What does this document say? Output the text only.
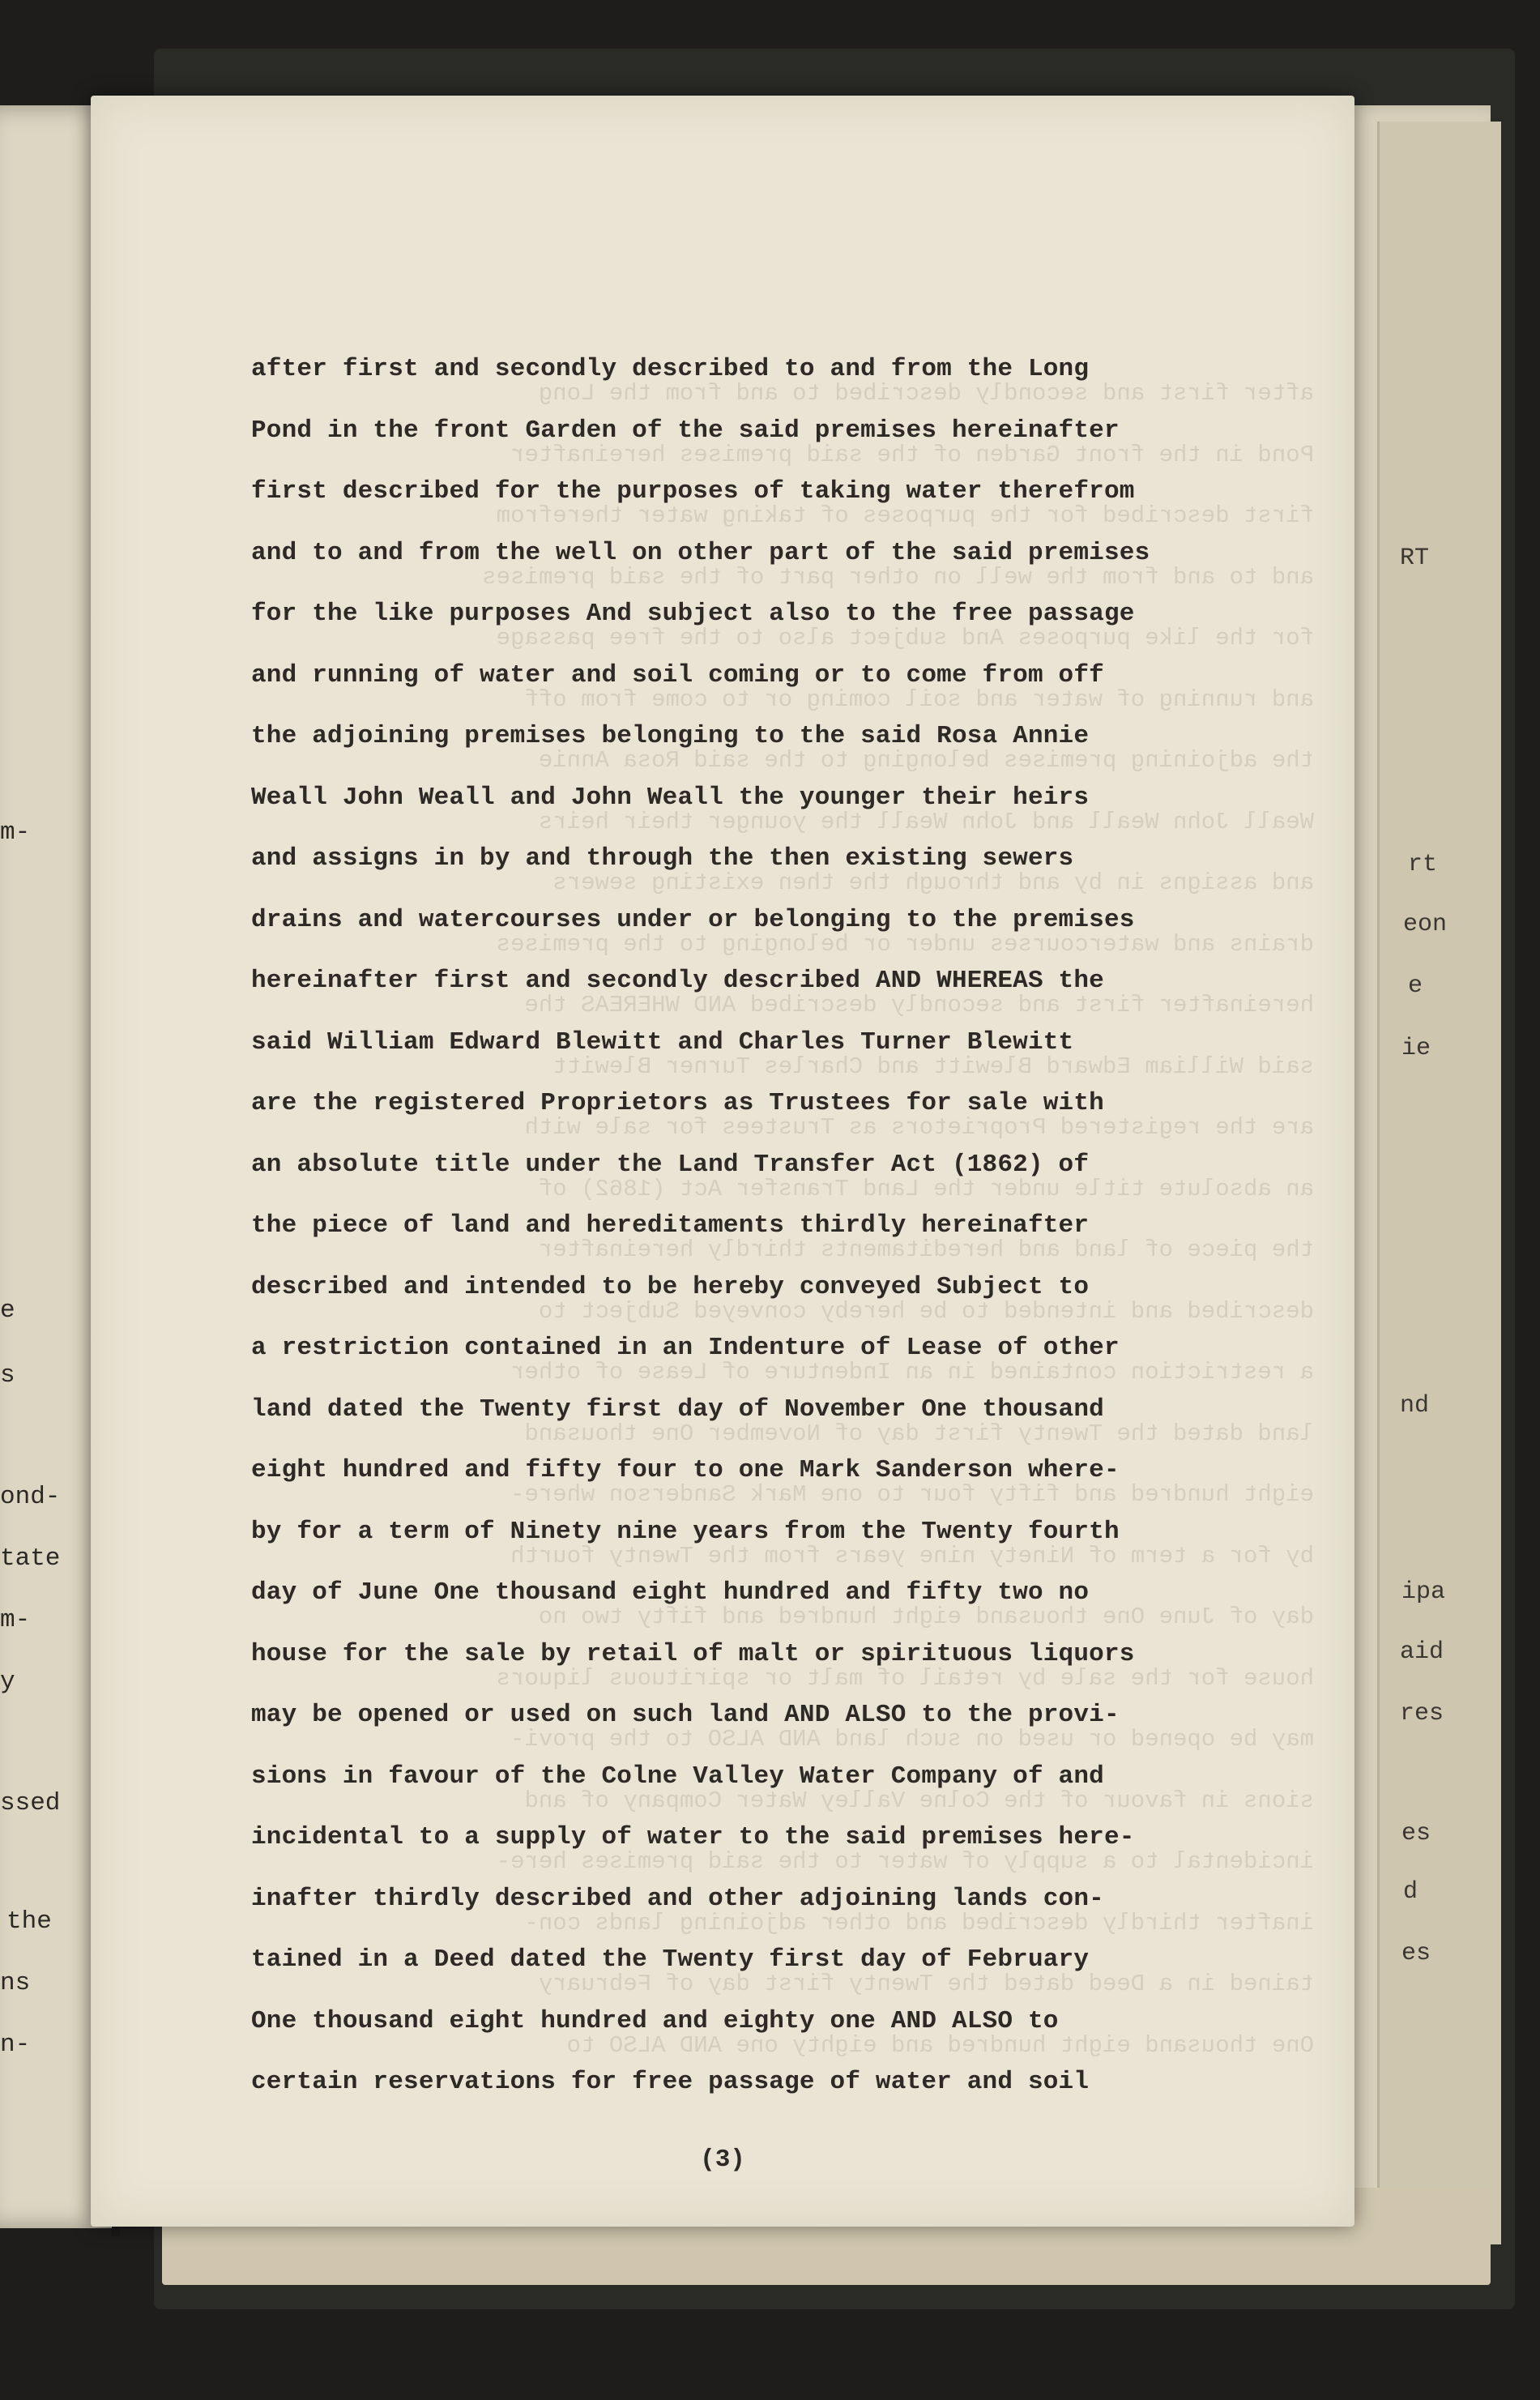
RT
rt
eon
e
ie
nd
ipa
aid
res
es
d
es
m-
e
s
ond-
tate
m-
y
ssed
the
ns
n-
after first and secondly described to and from the Long
Pond in the front Garden of the said premises hereinafter
first described for the purposes of taking water therefrom
and to and from the well on other part of the said premises
for the like purposes And subject also to the free passage
and running of water and soil coming or to come from off
the adjoining premises belonging to the said Rosa Annie
Weall John Weall and John Weall the younger their heirs
and assigns in by and through the then existing sewers
drains and watercourses under or belonging to the premises
hereinafter first and secondly described AND WHEREAS the
said William Edward Blewitt and Charles Turner Blewitt
are the registered Proprietors as Trustees for sale with
an absolute title under the Land Transfer Act (1862) of
the piece of land and hereditaments thirdly hereinafter
described and intended to be hereby conveyed Subject to
a restriction contained in an Indenture of Lease of other
land dated the Twenty first day of November One thousand
eight hundred and fifty four to one Mark Sanderson where-
by for a term of Ninety nine years from the Twenty fourth
day of June One thousand eight hundred and fifty two no
house for the sale by retail of malt or spirituous liquors
may be opened or used on such land AND ALSO to the provi-
sions in favour of the Colne Valley Water Company of and
incidental to a supply of water to the said premises here-
inafter thirdly described and other adjoining lands con-
tained in a Deed dated the Twenty first day of February
One thousand eight hundred and eighty one AND ALSO to
after first and secondly described to and from the Long
Pond in the front Garden of the said premises hereinafter
first described for the purposes of taking water therefrom
and to and from the well on other part of the said premises
for the like purposes And subject also to the free passage
and running of water and soil coming or to come from off
the adjoining premises belonging to the said Rosa Annie
Weall John Weall and John Weall the younger their heirs
and assigns in by and through the then existing sewers
drains and watercourses under or belonging to the premises
hereinafter first and secondly described AND WHEREAS the
said William Edward Blewitt and Charles Turner Blewitt
are the registered Proprietors as Trustees for sale with
an absolute title under the Land Transfer Act (1862) of
the piece of land and hereditaments thirdly hereinafter
described and intended to be hereby conveyed Subject to
a restriction contained in an Indenture of Lease of other
land dated the Twenty first day of November One thousand
eight hundred and fifty four to one Mark Sanderson where-
by for a term of Ninety nine years from the Twenty fourth
day of June One thousand eight hundred and fifty two no
house for the sale by retail of malt or spirituous liquors
may be opened or used on such land AND ALSO to the provi-
sions in favour of the Colne Valley Water Company of and
incidental to a supply of water to the said premises here-
inafter thirdly described and other adjoining lands con-
tained in a Deed dated the Twenty first day of February
One thousand eight hundred and eighty one AND ALSO to
certain reservations for free passage of water and soil
(3)
